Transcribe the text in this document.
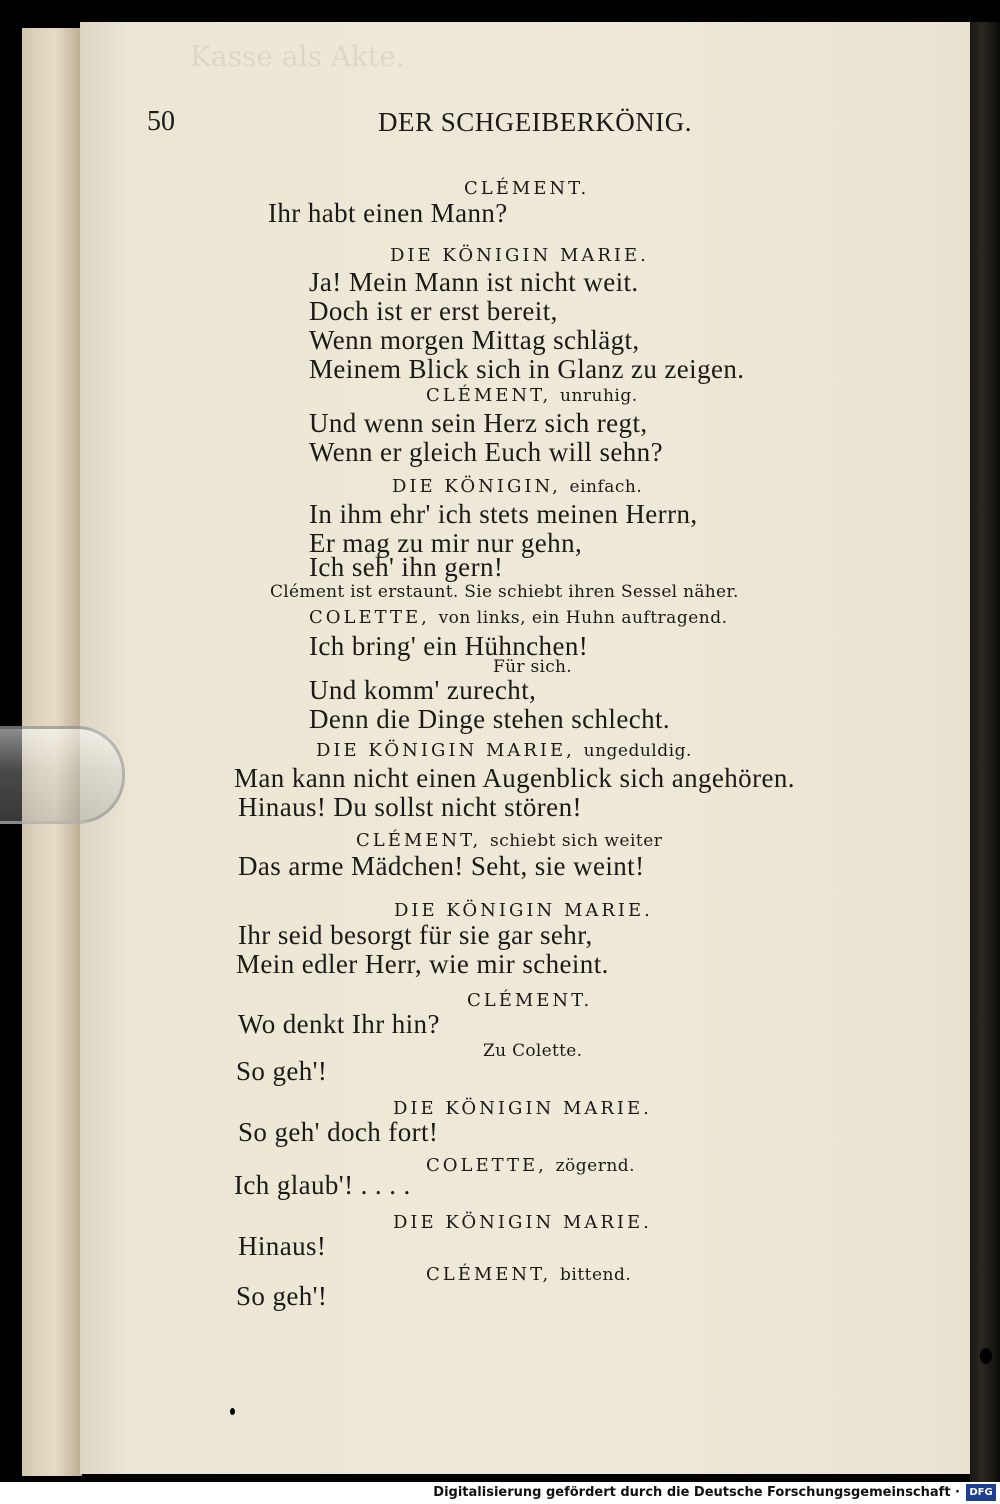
Kasse als Akte.
50	DER SCHGEIBERKÖNIG.
CLÉMENT.
Ihr habt einen Mann?
DIE KÖNIGIN MARIE.
Ja! Mein Mann ist nicht weit.
Doch ist er erst bereit,
Wenn morgen Mittag schlägt,
Meinem Blick sich in Glanz zu zeigen.
CLÉMENT, unruhig.
Und wenn sein Herz sich regt,
Wenn er gleich Euch will sehn?
DIE KÖNIGIN, einfach.
In ihm ehr' ich stets meinen Herrn,
Er mag zu mir nur gehn,
Ich seh' ihn gern!
Clément ist erstaunt. Sie schiebt ihren Sessel näher.
COLETTE, von links, ein Huhn auftragend.
Ich bring' ein Hühnchen!
Für sich.
Und komm' zurecht,
Denn die Dinge stehen schlecht.
DIE KÖNIGIN MARIE, ungeduldig.
Man kann nicht einen Augenblick sich angehören.
Hinaus! Du sollst nicht stören!
CLÉMENT, schiebt sich weiter
Das arme Mädchen! Seht, sie weint!
DIE KÖNIGIN MARIE.
Ihr seid besorgt für sie gar sehr,
Mein edler Herr, wie mir scheint.
CLÉMENT.
Wo denkt Ihr hin?
Zu Colette.
So geh'!
DIE KÖNIGIN MARIE.
So geh' doch fort!
COLETTE, zögernd.
Ich glaub'! . . . .
DIE KÖNIGIN MARIE.
Hinaus!
CLÉMENT, bittend.
So geh'!
Digitalisierung gefördert durch die Deutsche Forschungsgemeinschaft · DFG
